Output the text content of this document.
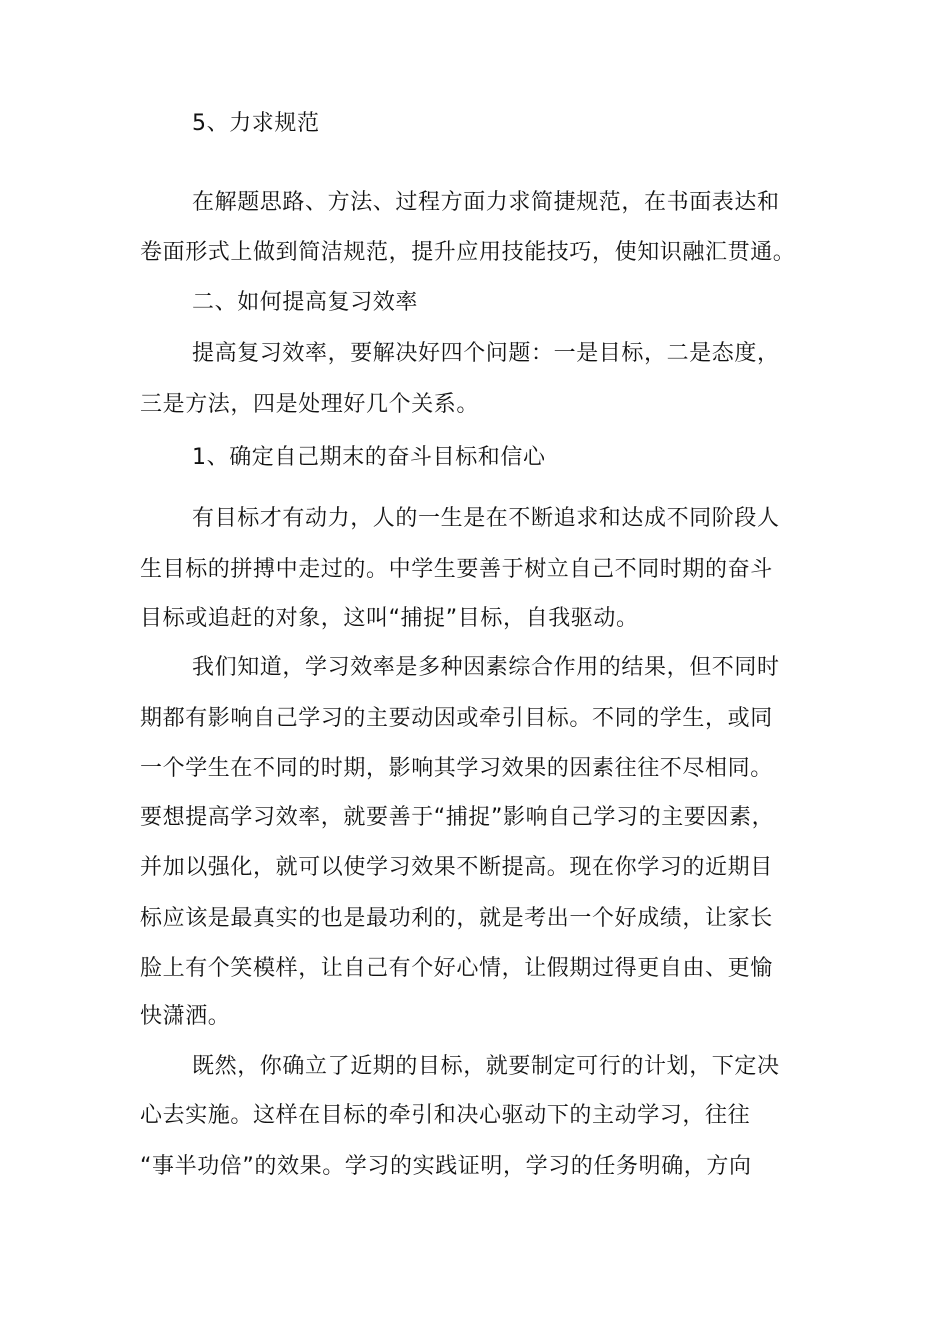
5、力求规范
在解题思路、方法、过程方面力求简捷规范，在书面表达和
卷面形式上做到简洁规范，提升应用技能技巧，使知识融汇贯通。
二、如何提高复习效率
提高复习效率，要解决好四个问题：一是目标，二是态度，
三是方法，四是处理好几个关系。
1、确定自己期末的奋斗目标和信心
有目标才有动力，人的一生是在不断追求和达成不同阶段人
生目标的拼搏中走过的。中学生要善于树立自己不同时期的奋斗
目标或追赶的对象，这叫“捕捉”目标，自我驱动。
我们知道，学习效率是多种因素综合作用的结果，但不同时
期都有影响自己学习的主要动因或牵引目标。不同的学生，或同
一个学生在不同的时期，影响其学习效果的因素往往不尽相同。
要想提高学习效率，就要善于“捕捉”影响自己学习的主要因素，
并加以强化，就可以使学习效果不断提高。现在你学习的近期目
标应该是最真实的也是最功利的，就是考出一个好成绩，让家长
脸上有个笑模样，让自己有个好心情，让假期过得更自由、更愉
快潇洒。
既然，你确立了近期的目标，就要制定可行的计划，下定决
心去实施。这样在目标的牵引和决心驱动下的主动学习，往往
“事半功倍”的效果。学习的实践证明，学习的任务明确，方向
